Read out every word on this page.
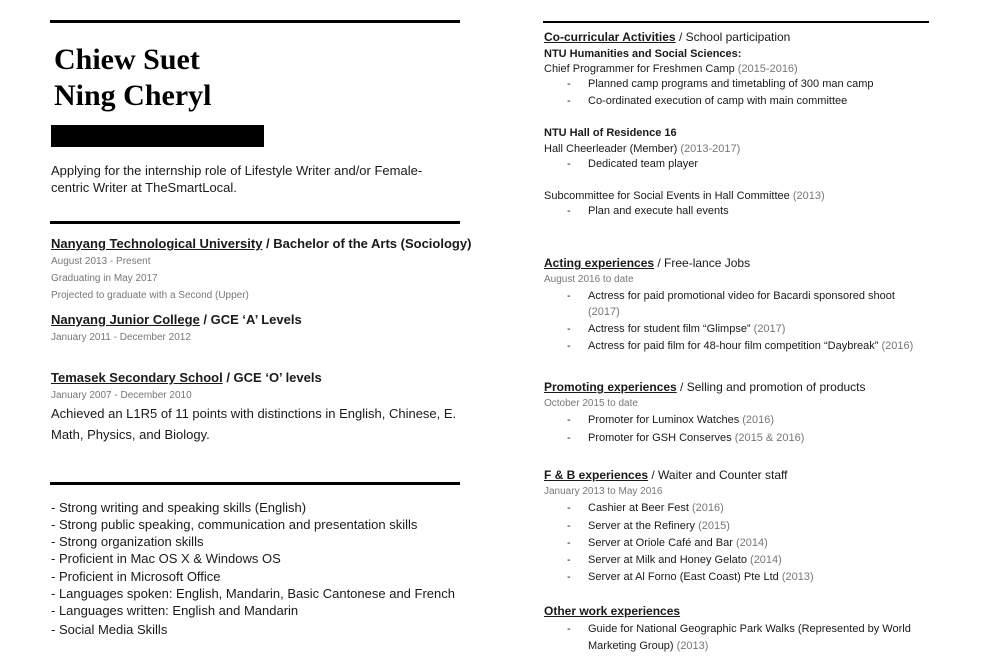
Chiew Suet
Ning Cheryl
Applying for the internship role of Lifestyle Writer and/or Female-
centric Writer at TheSmartLocal.
Nanyang Technological University / Bachelor of the Arts (Sociology)
August 2013 - Present
Graduating in May 2017
Projected to graduate with a Second (Upper)
Nanyang Junior College / GCE ‘A’ Levels
January 2011 - December 2012
Temasek Secondary School / GCE ‘O’ levels
January 2007 - December 2010
Achieved an L1R5 of 11 points with distinctions in English, Chinese, E.
Math, Physics, and Biology.
- Strong writing and speaking skills (English)
- Strong public speaking, communication and presentation skills
- Strong organization skills
- Proficient in Mac OS X & Windows OS
- Proficient in Microsoft Office
- Languages spoken: English, Mandarin, Basic Cantonese and French
- Languages written: English and Mandarin
- Social Media Skills
Co-curricular Activities / School participation
NTU Humanities and Social Sciences:
Chief Programmer for Freshmen Camp (2015-2016)
- Planned camp programs and timetabling of 300 man camp
- Co-ordinated execution of camp with main committee
NTU Hall of Residence 16
Hall Cheerleader (Member) (2013-2017)
- Dedicated team player
Subcommittee for Social Events in Hall Committee (2013)
- Plan and execute hall events
Acting experiences / Free-lance Jobs
August 2016 to date
- Actress for paid promotional video for Bacardi sponsored shoot
(2017)
- Actress for student film “Glimpse” (2017)
- Actress for paid film for 48-hour film competition “Daybreak” (2016)
Promoting experiences / Selling and promotion of products
October 2015 to date
- Promoter for Luminox Watches (2016)
- Promoter for GSH Conserves (2015 & 2016)
F & B experiences / Waiter and Counter staff
January 2013 to May 2016
- Cashier at Beer Fest (2016)
- Server at the Refinery (2015)
- Server at Oriole Café and Bar (2014)
- Server at Milk and Honey Gelato (2014)
- Server at Al Forno (East Coast) Pte Ltd (2013)
Other work experiences
- Guide for National Geographic Park Walks (Represented by World
Marketing Group) (2013)
